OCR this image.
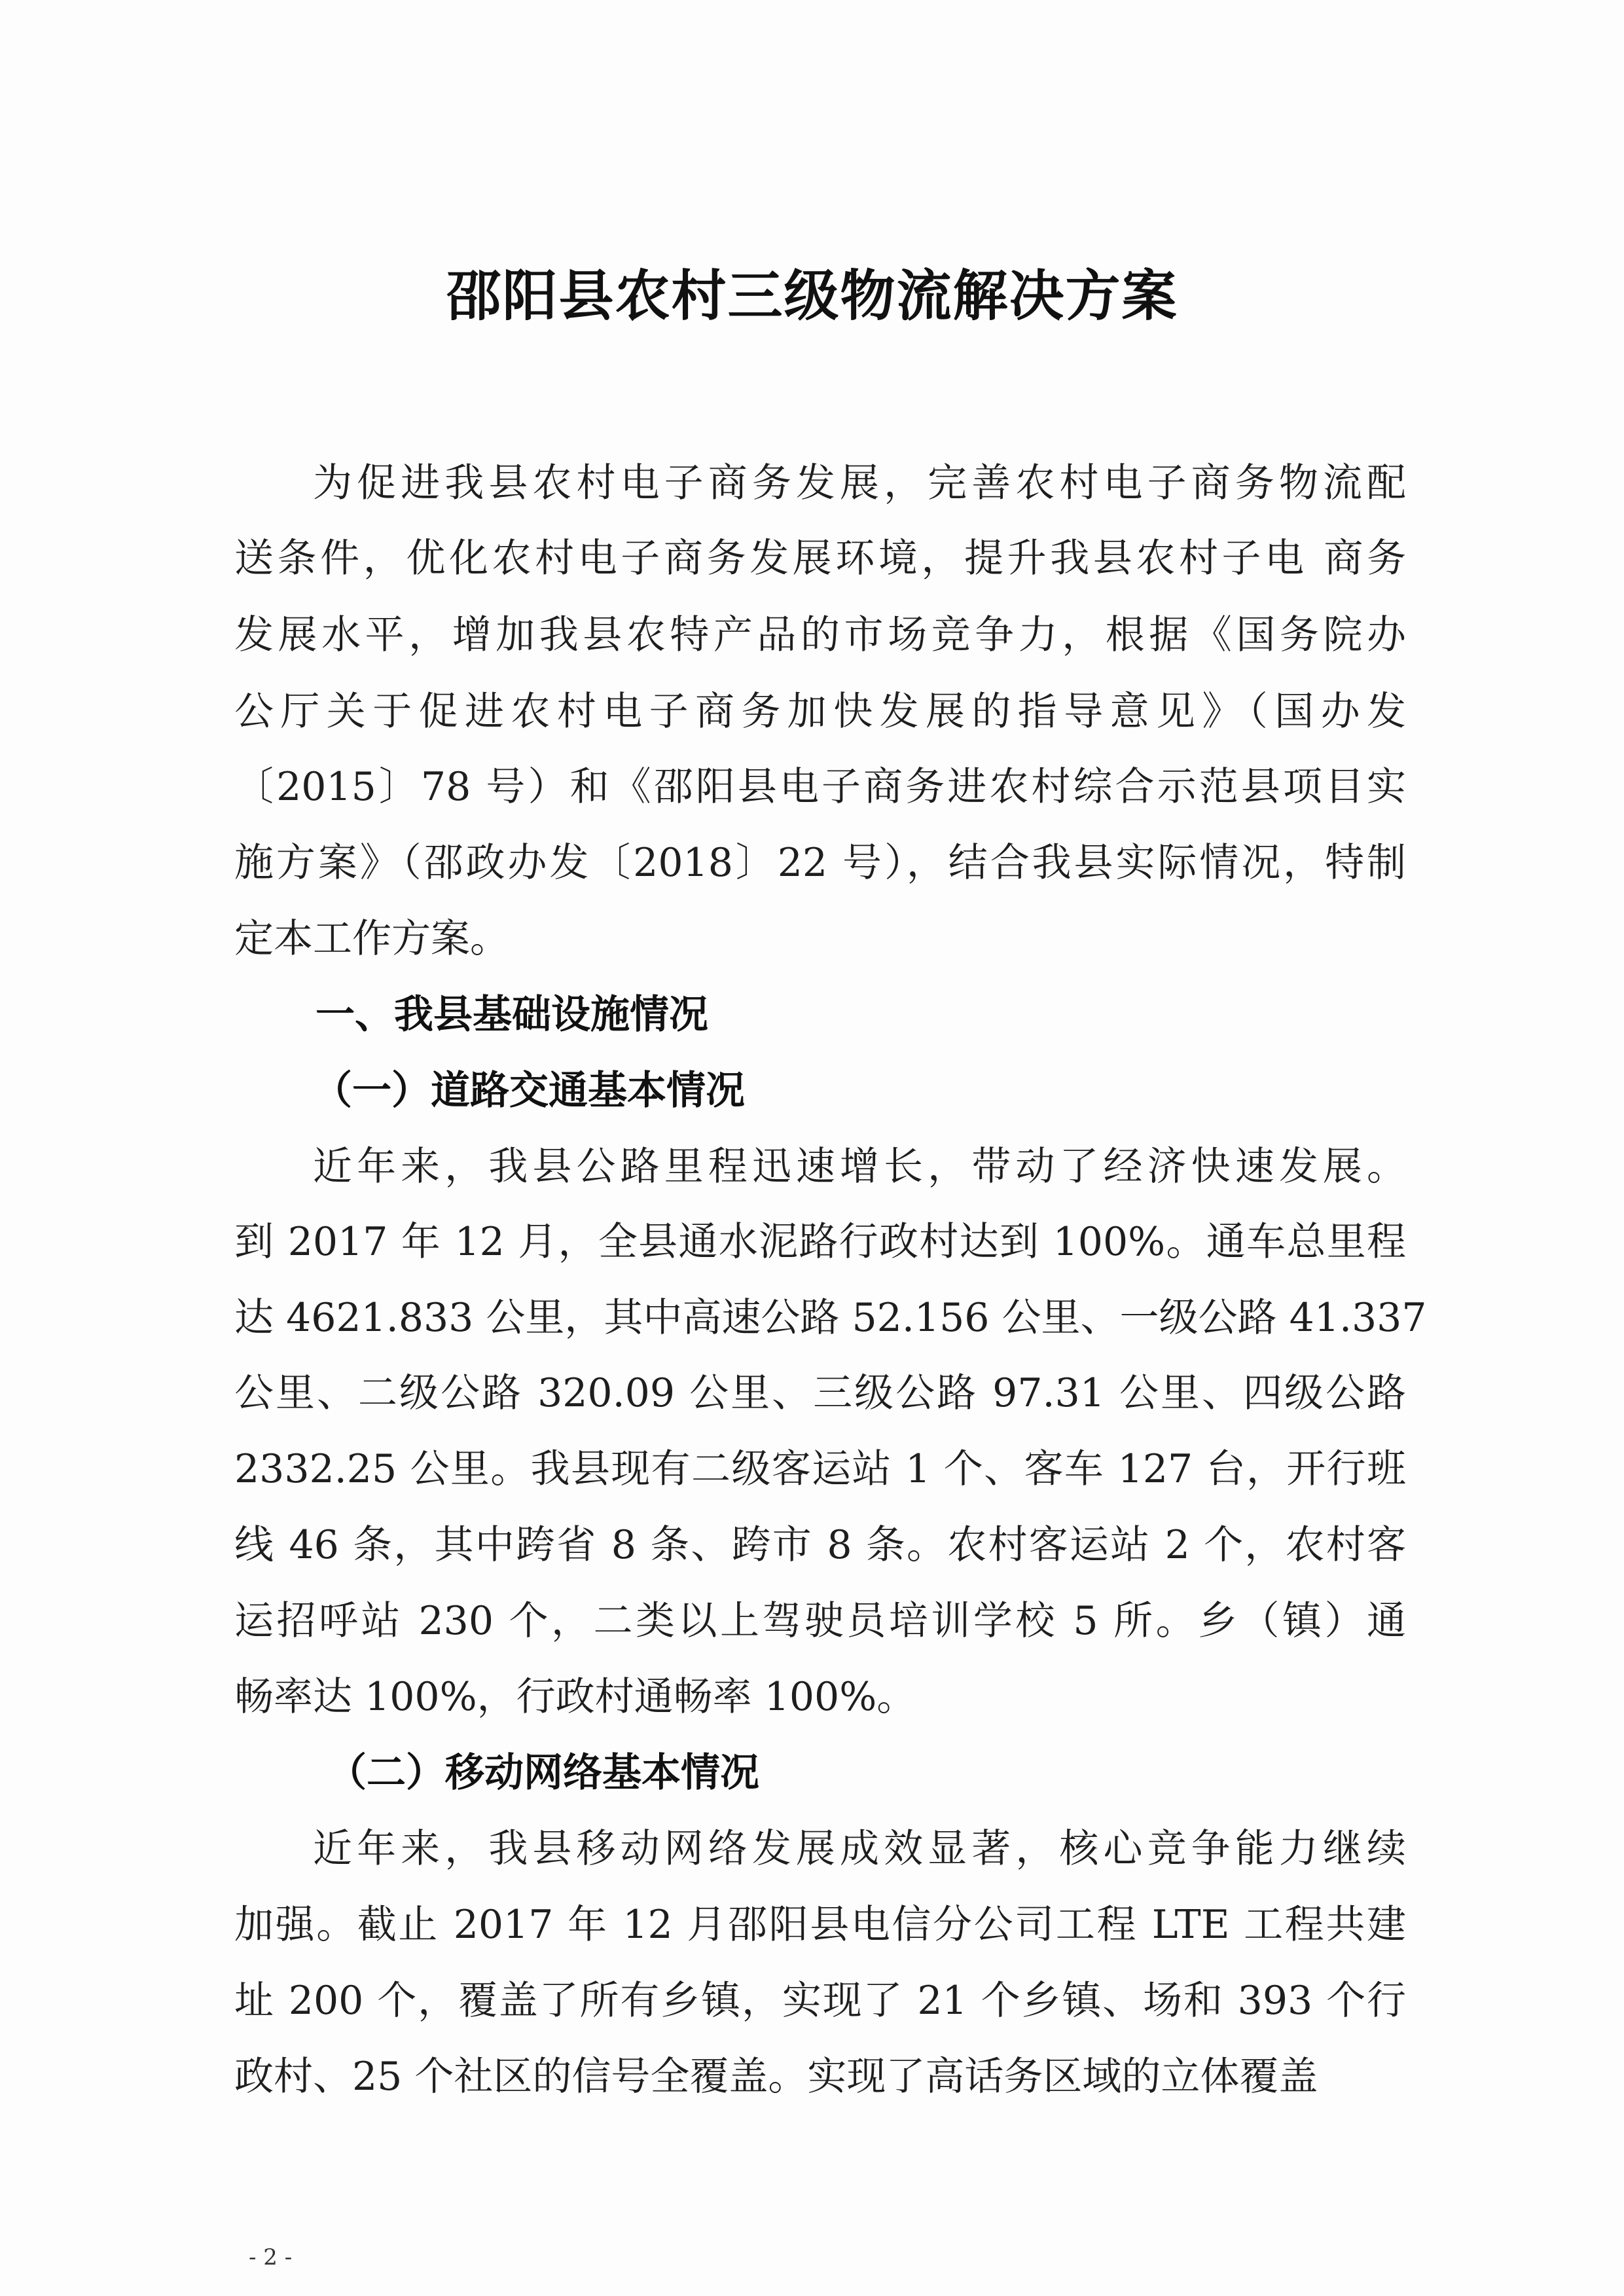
邵阳县农村三级物流解决方案
为促进我县农村电子商务发展，完善农村电子商务物流配
送条件，优化农村电子商务发展环境，提升我县农村子电 商务
发展水平，增加我县农特产品的市场竞争力，根据《国务院办
公厅关于促进农村电子商务加快发展的指导意见》（国办发
〔2015〕78 号）和《邵阳县电子商务进农村综合示范县项目实
施方案》（邵政办发〔2018〕22 号），结合我县实际情况，特制
定本工作方案。
一、我县基础设施情况
（一）道路交通基本情况
近年来，我县公路里程迅速增长，带动了经济快速发展。
到 2017 年 12 月，全县通水泥路行政村达到 100%。通车总里程
达 4621.833 公里，其中高速公路 52.156 公里、一级公路 41.337
公里、二级公路 320.09 公里、三级公路 97.31 公里、四级公路
2332.25 公里。我县现有二级客运站 1 个、客车 127 台，开行班
线 46 条，其中跨省 8 条、跨市 8 条。农村客运站 2 个，农村客
运招呼站 230 个，二类以上驾驶员培训学校 5 所。乡（镇）通
畅率达 100%，行政村通畅率 100%。
（二）移动网络基本情况
近年来，我县移动网络发展成效显著，核心竞争能力继续
加强。截止 2017 年 12 月邵阳县电信分公司工程 LTE 工程共建
址 200 个，覆盖了所有乡镇，实现了 21 个乡镇、场和 393 个行
政村、25 个社区的信号全覆盖。实现了高话务区域的立体覆盖
- 2 -
